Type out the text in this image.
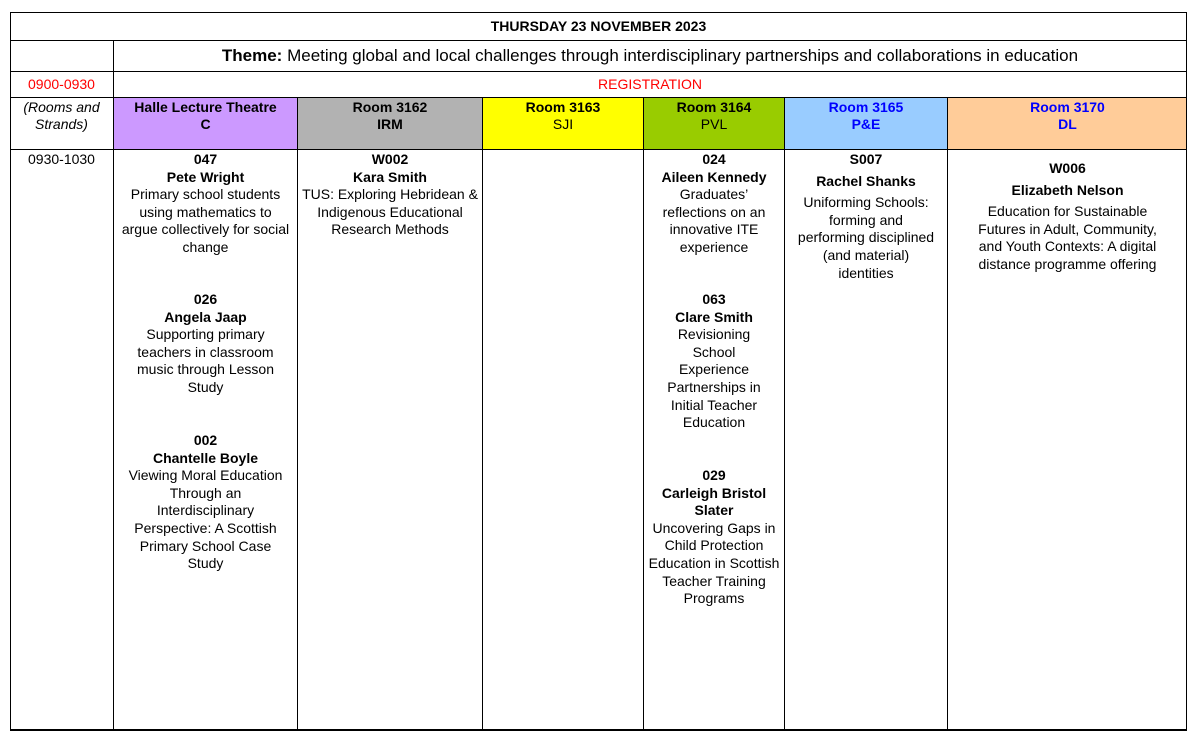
THURSDAY 23 NOVEMBER 2023
Theme: Meeting global and local challenges through interdisciplinary partnerships and collaborations in education
0900-0930	REGISTRATION
(Rooms and
Strands)
Halle Lecture Theatre
C
Room 3162
IRM
Room 3163
SJI
Room 3164
PVL
Room 3165
P&E
Room 3170
DL
0930-1030	047
Pete Wright
Primary school students using mathematics to argue collectively for social change
026
Angela Jaap
Supporting primary teachers in classroom music through Lesson Study
002
Chantelle Boyle
Viewing Moral Education Through an Interdisciplinary Perspective: A Scottish Primary School Case Study
W002
Kara Smith
TUS: Exploring Hebridean & Indigenous Educational Research Methods
024
Aileen Kennedy
Graduates’ reflections on an innovative ITE experience
063
Clare Smith
Revisioning School Experience Partnerships in Initial Teacher Education
029
Carleigh Bristol Slater
Uncovering Gaps in Child Protection Education in Scottish Teacher Training Programs
S007
Rachel Shanks
Uniforming Schools: forming and performing disciplined (and material) identities
W006
Elizabeth Nelson
Education for Sustainable Futures in Adult, Community, and Youth Contexts: A digital distance programme offering
